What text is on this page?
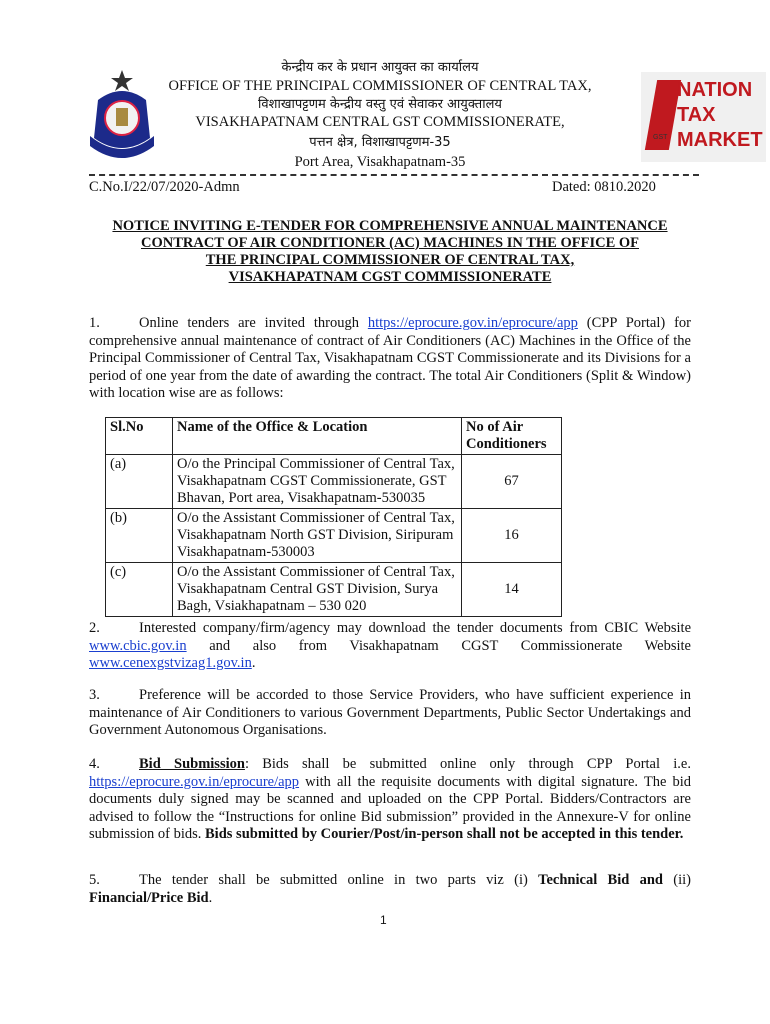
NATION
TAX
MARKET
GST
केन्द्रीय कर के प्रधान आयुक्त का कार्यालय
OFFICE OF THE PRINCIPAL COMMISSIONER OF CENTRAL TAX,
विशाखापट्टणम केन्द्रीय वस्तु एवं सेवाकर आयुक्तालय
VISAKHAPATNAM CENTRAL GST COMMISSIONERATE,
पत्तन क्षेत्र, विशाखापट्टणम-35
Port Area, Visakhapatnam-35
C.No.I/22/07/2020-Admn	Dated: 0810.2020
NOTICE INVITING E-TENDER FOR COMPREHENSIVE ANNUAL MAINTENANCE
CONTRACT OF AIR CONDITIONER (AC) MACHINES IN THE OFFICE OF
THE PRINCIPAL COMMISSIONER OF CENTRAL TAX,
VISAKHAPATNAM CGST COMMISSIONERATE
1.	Online tenders are invited through https://eprocure.gov.in/eprocure/app (CPP Portal) for comprehensive annual maintenance of contract of Air Conditioners (AC) Machines in the Office of the Principal Commissioner of Central Tax, Visakhapatnam CGST Commissionerate and its Divisions for a period of one year from the date of awarding the contract. The total Air Conditioners (Split & Window) with location wise are as follows:
Sl.No	Name of the Office & Location	No of Air Conditioners
(a)	O/o the Principal Commissioner of Central Tax, Visakhapatnam CGST Commissionerate, GST Bhavan, Port area, Visakhapatnam-530035	67
(b)	O/o the Assistant Commissioner of Central Tax, Visakhapatnam North GST Division, Siripuram Visakhapatnam-530003	16
(c)	O/o the Assistant Commissioner of Central Tax, Visakhapatnam Central GST Division, Surya Bagh, Vsiakhapatnam – 530 020	14
2.	Interested company/firm/agency may download the tender documents from CBIC Website www.cbic.gov.in and also from Visakhapatnam CGST Commissionerate Website www.cenexgstvizag1.gov.in.
3.	Preference will be accorded to those Service Providers, who have sufficient experience in maintenance of Air Conditioners to various Government Departments, Public Sector Undertakings and Government Autonomous Organisations.
4.	Bid Submission: Bids shall be submitted online only through CPP Portal i.e. https://eprocure.gov.in/eprocure/app with all the requisite documents with digital signature. The bid documents duly signed may be scanned and uploaded on the CPP Portal. Bidders/Contractors are advised to follow the “Instructions for online Bid submission” provided in the Annexure-V for online submission of bids. Bids submitted by Courier/Post/in-person shall not be accepted in this tender.
5.	The tender shall be submitted online in two parts viz (i) Technical Bid and (ii) Financial/Price Bid.
1
